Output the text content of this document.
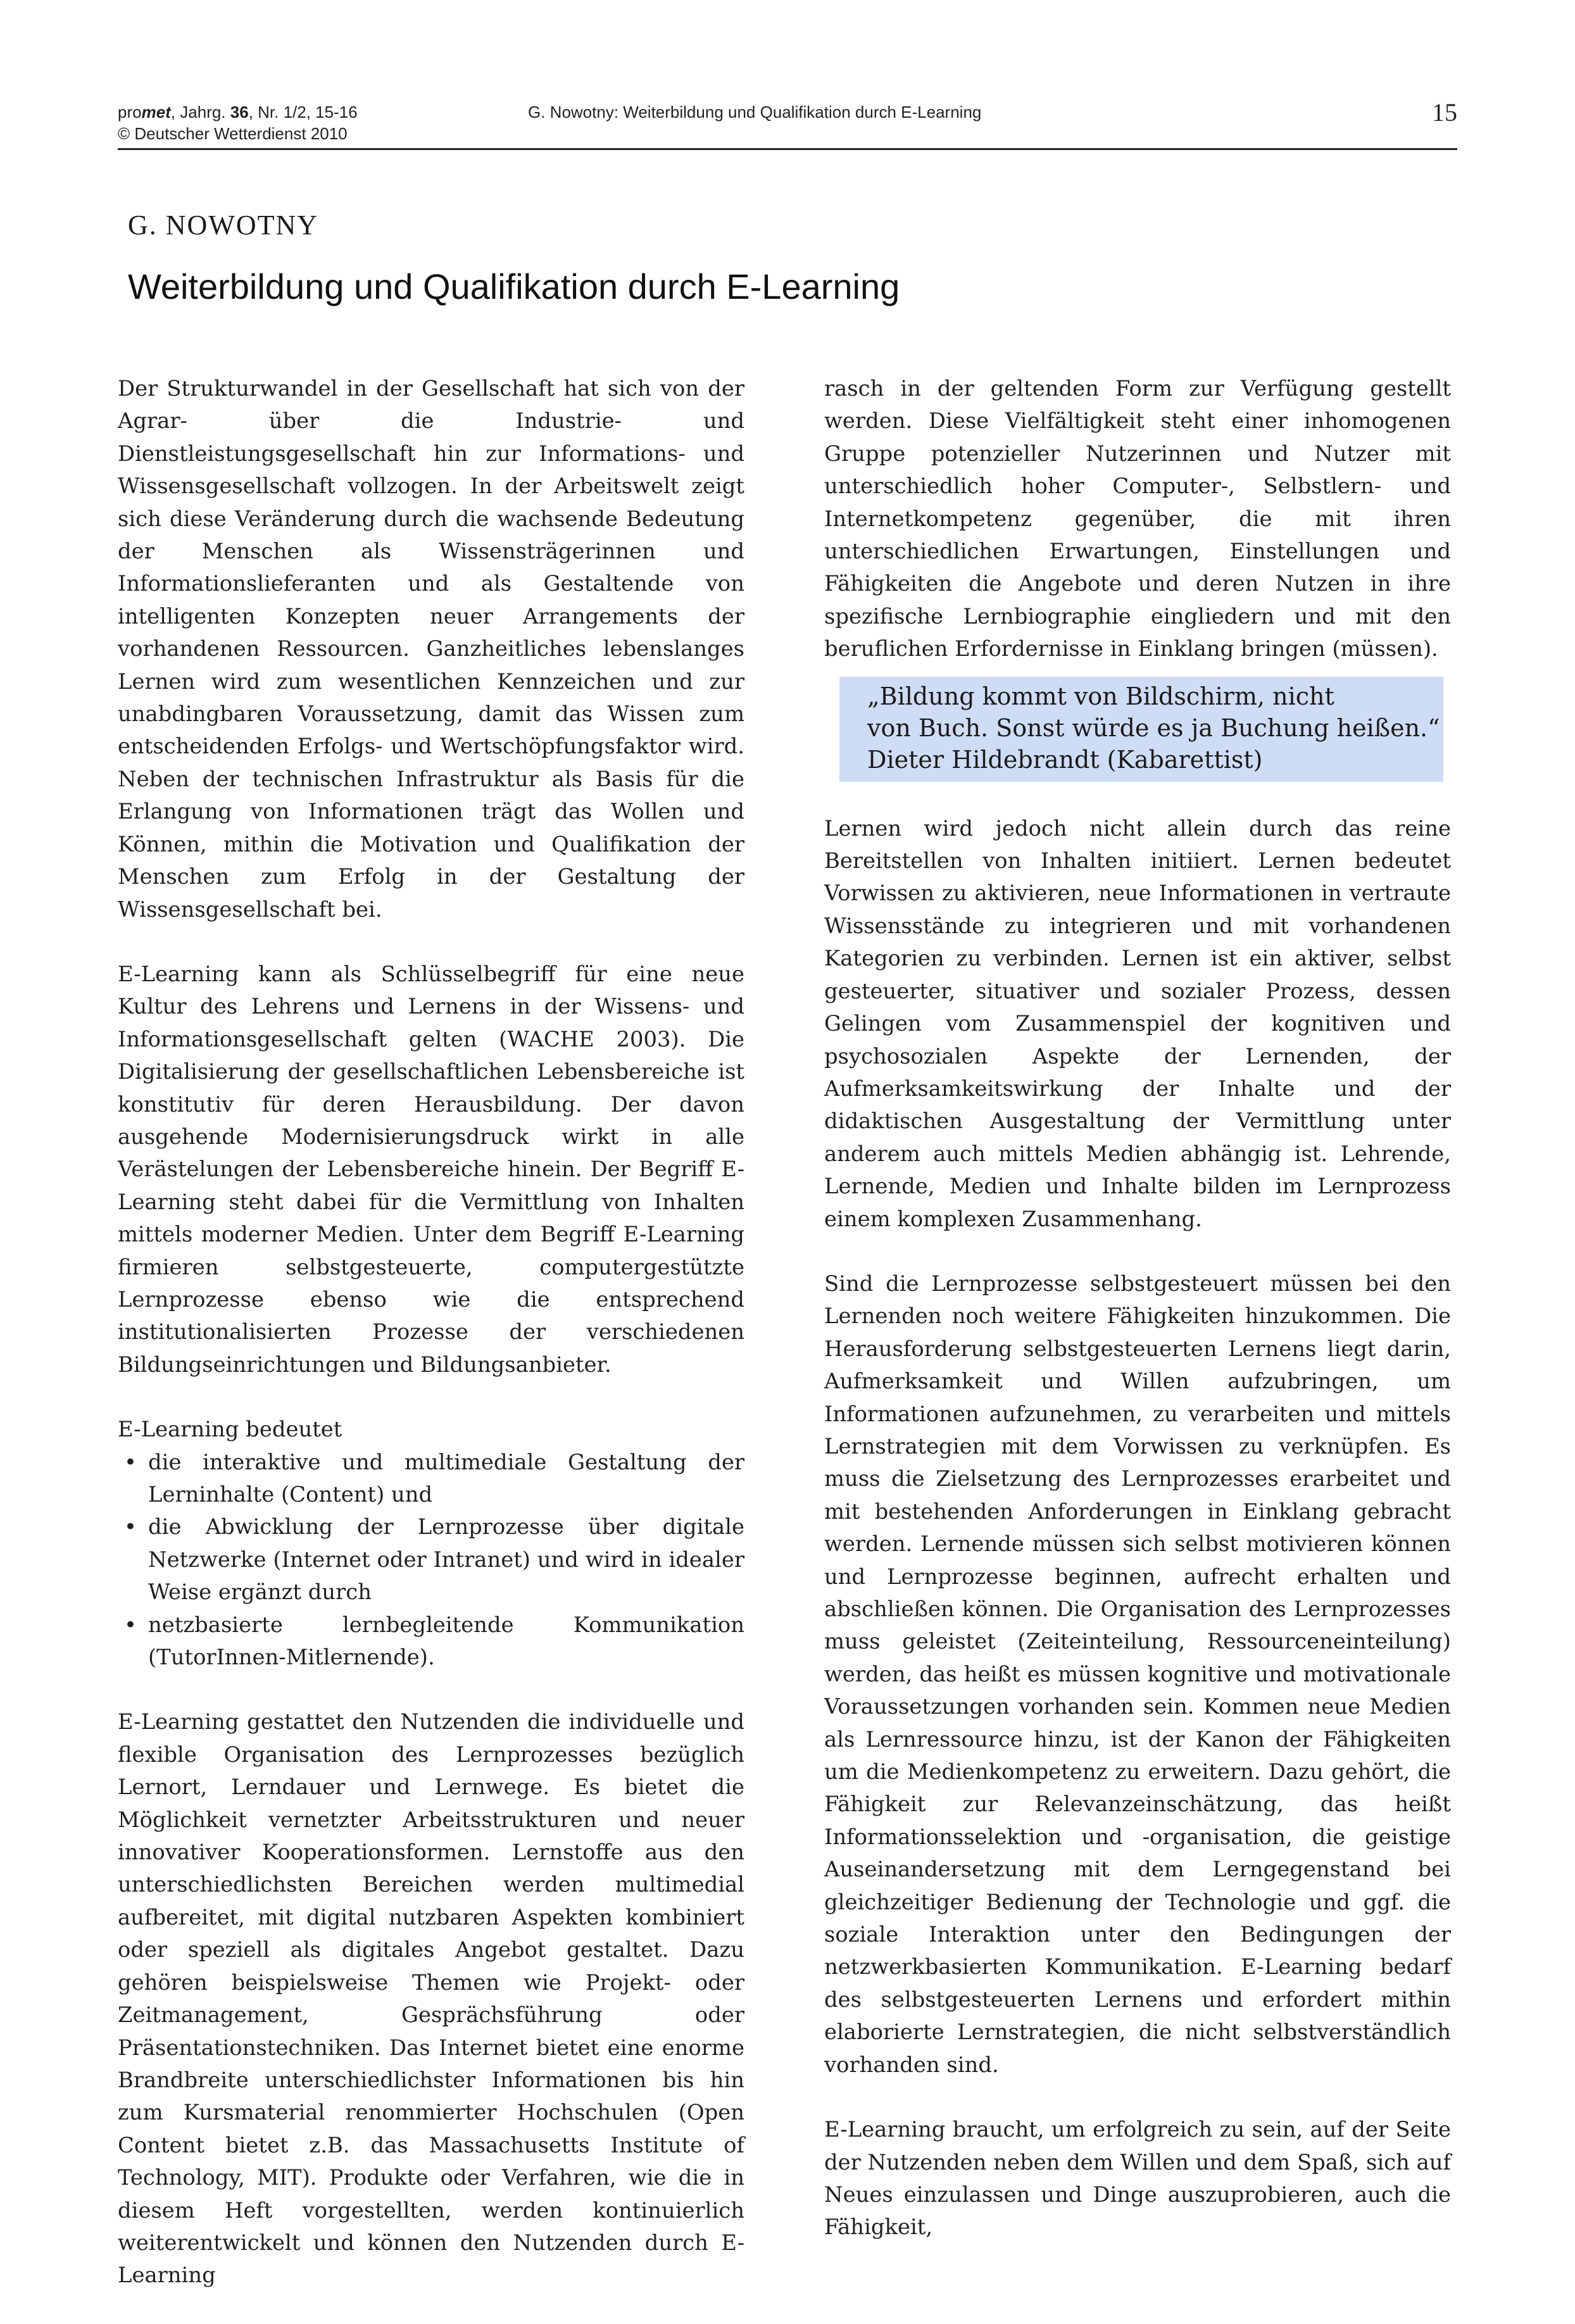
promet, Jahrg. 36, Nr. 1/2, 15-16
© Deutscher Wetterdienst 2010
G. Nowotny: Weiterbildung und Qualifikation durch E-Learning	15
G. NOWOTNY
Weiterbildung und Qualifikation durch E-Learning

Der Strukturwandel in der Gesellschaft hat sich von der Agrar- über die Industrie- und Dienstleistungsgesellschaft hin zur Informations- und Wissensgesellschaft vollzogen. In der Arbeitswelt zeigt sich diese Veränderung durch die wachsende Bedeutung der Menschen als Wissensträgerinnen und Informationslieferanten und als Gestaltende von intelligenten Konzepten neuer Arrangements der vorhandenen Ressourcen. Ganzheitliches lebenslanges Lernen wird zum wesentlichen Kennzeichen und zur unabdingbaren Voraussetzung, damit das Wissen zum entscheidenden Erfolgs- und Wertschöpfungsfaktor wird. Neben der technischen Infrastruktur als Basis für die Erlangung von Informationen trägt das Wollen und Können, mithin die Motivation und Qualifikation der Menschen zum Erfolg in der Gestaltung der Wissensgesellschaft bei.

E-Learning kann als Schlüsselbegriff für eine neue Kultur des Lehrens und Lernens in der Wissens- und Informationsgesellschaft gelten (WACHE 2003). Die Digitalisierung der gesellschaftlichen Lebensbereiche ist konstitutiv für deren Herausbildung. Der davon ausgehende Modernisierungsdruck wirkt in alle Verästelungen der Lebensbereiche hinein. Der Begriff E-Learning steht dabei für die Vermittlung von Inhalten mittels moderner Medien. Unter dem Begriff E-Learning firmieren selbstgesteuerte, computergestützte Lernprozesse ebenso wie die entsprechend institutionalisierten Prozesse der verschiedenen Bildungseinrichtungen und Bildungsanbieter.

E-Learning bedeutet

• die interaktive und multimediale Gestaltung der Lerninhalte (Content) und
• die Abwicklung der Lernprozesse über digitale Netzwerke (Internet oder Intranet) und wird in idealer Weise ergänzt durch
• netzbasierte lernbegleitende Kommunikation (TutorInnen-Mitlernende).

E-Learning gestattet den Nutzenden die individuelle und flexible Organisation des Lernprozesses bezüglich Lernort, Lerndauer und Lernwege. Es bietet die Möglichkeit vernetzter Arbeitsstrukturen und neuer innovativer Kooperationsformen. Lernstoffe aus den unterschiedlichsten Bereichen werden multimedial aufbereitet, mit digital nutzbaren Aspekten kombiniert oder speziell als digitales Angebot gestaltet. Dazu gehören beispielsweise Themen wie Projekt- oder Zeitmanagement, Gesprächsführung oder Präsentationstechniken. Das Internet bietet eine enorme Brandbreite unterschiedlichster Informationen bis hin zum Kursmaterial renommierter Hochschulen (Open Content bietet z.B. das Massachusetts Institute of Technology, MIT). Produkte oder Verfahren, wie die in diesem Heft vorgestellten, werden kontinuierlich weiterentwickelt und können den Nutzenden durch E-Learning

rasch in der geltenden Form zur Verfügung gestellt werden. Diese Vielfältigkeit steht einer inhomogenen Gruppe potenzieller Nutzerinnen und Nutzer mit unterschiedlich hoher Computer-, Selbstlern- und Internetkompetenz gegenüber, die mit ihren unterschiedlichen Erwartungen, Einstellungen und Fähigkeiten die Angebote und deren Nutzen in ihre spezifische Lernbiographie eingliedern und mit den beruflichen Erfordernisse in Einklang bringen (müssen).

„Bildung kommt von Bildschirm, nicht
von Buch. Sonst würde es ja Buchung heißen.“
Dieter Hildebrandt (Kabarettist)

Lernen wird jedoch nicht allein durch das reine Bereitstellen von Inhalten initiiert. Lernen bedeutet Vorwissen zu aktivieren, neue Informationen in vertraute Wissensstände zu integrieren und mit vorhandenen Kategorien zu verbinden. Lernen ist ein aktiver, selbst gesteuerter, situativer und sozialer Prozess, dessen Gelingen vom Zusammenspiel der kognitiven und psychosozialen Aspekte der Lernenden, der Aufmerksamkeitswirkung der Inhalte und der didaktischen Ausgestaltung der Vermittlung unter anderem auch mittels Medien abhängig ist. Lehrende, Lernende, Medien und Inhalte bilden im Lernprozess einem komplexen Zusammenhang.

Sind die Lernprozesse selbstgesteuert müssen bei den Lernenden noch weitere Fähigkeiten hinzukommen. Die Herausforderung selbstgesteuerten Lernens liegt darin, Aufmerksamkeit und Willen aufzubringen, um Informationen aufzunehmen, zu verarbeiten und mittels Lernstrategien mit dem Vorwissen zu verknüpfen. Es muss die Zielsetzung des Lernprozesses erarbeitet und mit bestehenden Anforderungen in Einklang gebracht werden. Lernende müssen sich selbst motivieren können und Lernprozesse beginnen, aufrecht erhalten und abschließen können. Die Organisation des Lernprozesses muss geleistet (Zeiteinteilung, Ressourceneinteilung) werden, das heißt es müssen kognitive und motivationale Voraussetzungen vorhanden sein. Kommen neue Medien als Lernressource hinzu, ist der Kanon der Fähigkeiten um die Medienkompetenz zu erweitern. Dazu gehört, die Fähigkeit zur Relevanzeinschätzung, das heißt Informationsselektion und -organisation, die geistige Auseinandersetzung mit dem Lerngegenstand bei gleichzeitiger Bedienung der Technologie und ggf. die soziale Interaktion unter den Bedingungen der netzwerkbasierten Kommunikation. E-Learning bedarf des selbstgesteuerten Lernens und erfordert mithin elaborierte Lernstrategien, die nicht selbstverständlich vorhanden sind.

E-Learning braucht, um erfolgreich zu sein, auf der Seite der Nutzenden neben dem Willen und dem Spaß, sich auf Neues einzulassen und Dinge auszuprobieren, auch die Fähigkeit,
